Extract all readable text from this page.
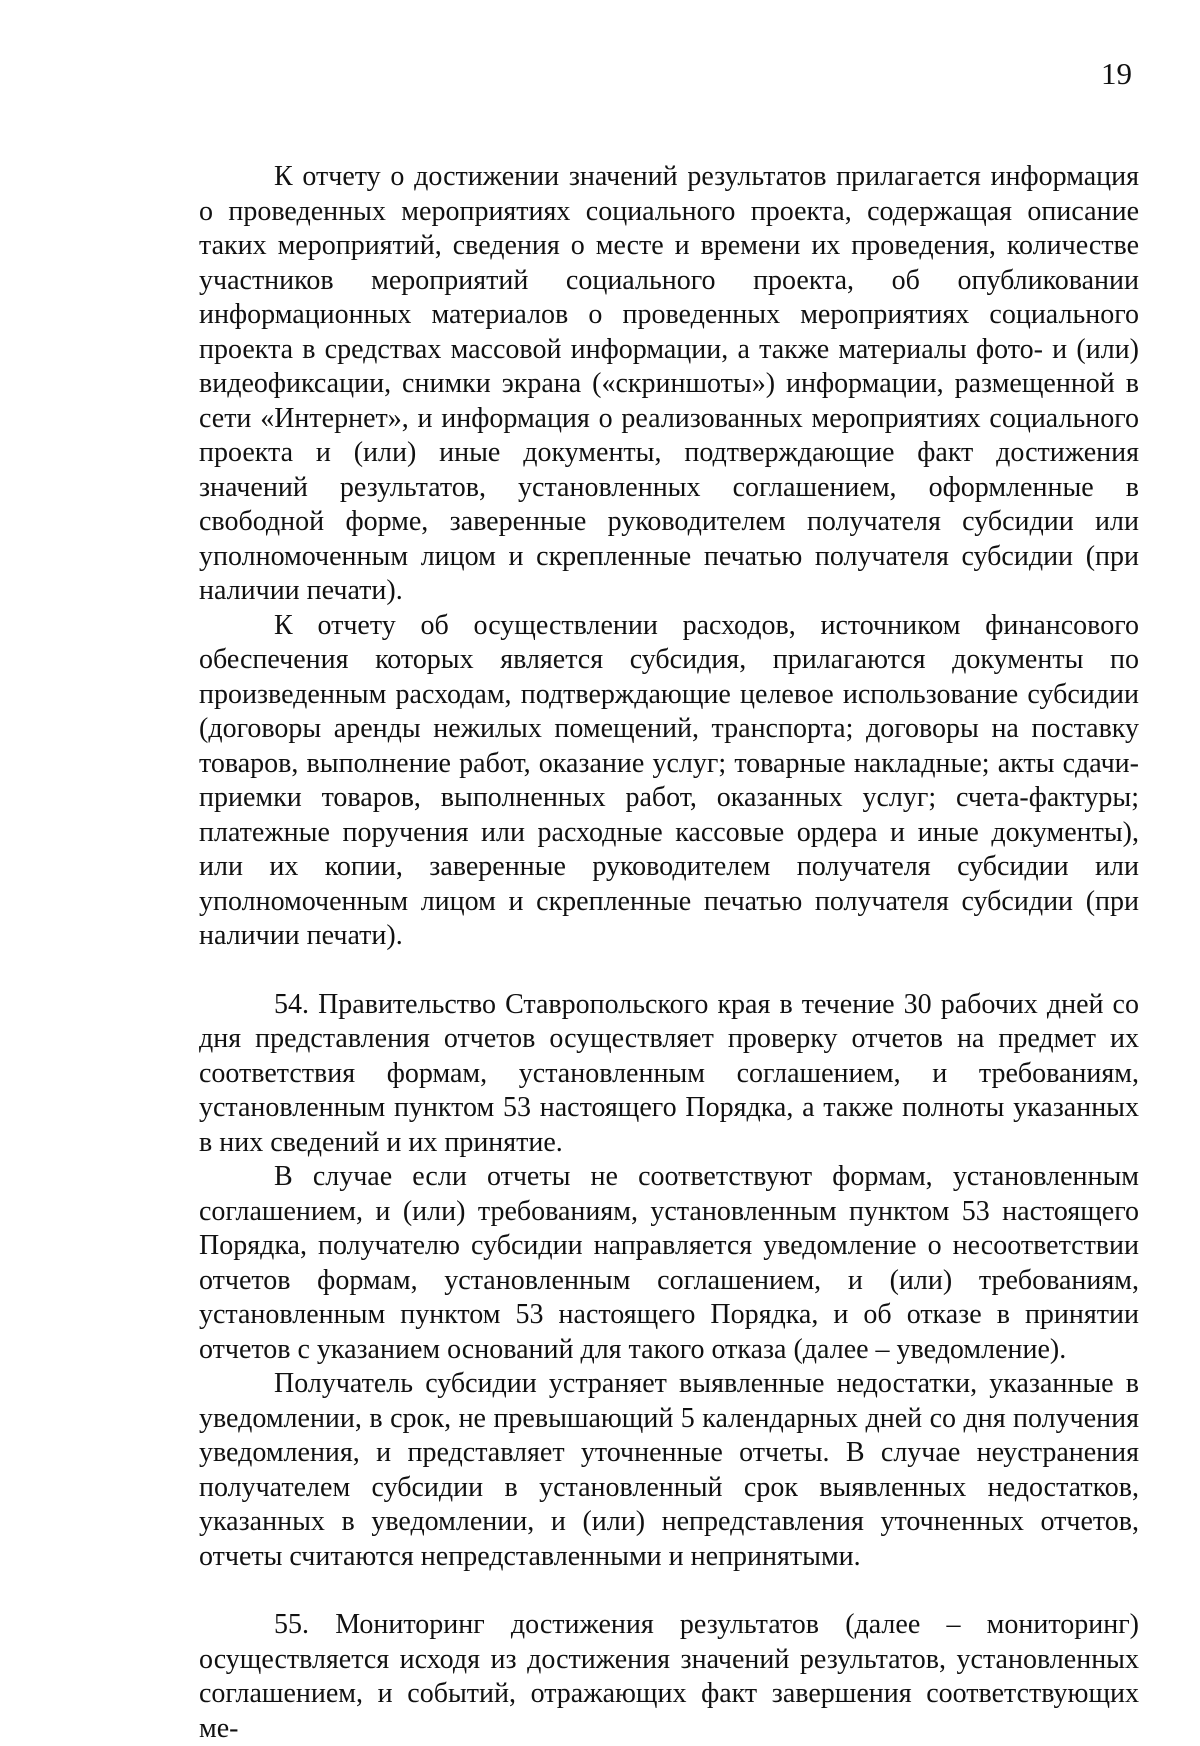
19

К отчету о достижении значений результатов прилагается информация о проведенных мероприятиях социального проекта, содержащая описание таких мероприятий, сведения о месте и времени их проведения, количестве участников мероприятий социального проекта, об опубликовании информационных материалов о проведенных мероприятиях социального проекта в средствах массовой информации, а также материалы фото- и (или) видеофиксации, снимки экрана («скриншоты») информации, размещенной в сети «Интернет», и информация о реализованных мероприятиях социального проекта и (или) иные документы, подтверждающие факт достижения значений результатов, установленных соглашением, оформленные в свободной форме, заверенные руководителем получателя субсидии или уполномоченным лицом и скрепленные печатью получателя субсидии (при наличии печати).

К отчету об осуществлении расходов, источником финансового обеспечения которых является субсидия, прилагаются документы по произведенным расходам, подтверждающие целевое использование субсидии (договоры аренды нежилых помещений, транспорта; договоры на поставку товаров, выполнение работ, оказание услуг; товарные накладные; акты сдачи-приемки товаров, выполненных работ, оказанных услуг; счета-фактуры; платежные поручения или расходные кассовые ордера и иные документы), или их копии, заверенные руководителем получателя субсидии или уполномоченным лицом и скрепленные печатью получателя субсидии (при наличии печати).

54. Правительство Ставропольского края в течение 30 рабочих дней со дня представления отчетов осуществляет проверку отчетов на предмет их соответствия формам, установленным соглашением, и требованиям, установленным пунктом 53 настоящего Порядка, а также полноты указанных в них сведений и их принятие.

В случае если отчеты не соответствуют формам, установленным соглашением, и (или) требованиям, установленным пунктом 53 настоящего Порядка, получателю субсидии направляется уведомление о несоответствии отчетов формам, установленным соглашением, и (или) требованиям, установленным пунктом 53 настоящего Порядка, и об отказе в принятии отчетов с указанием оснований для такого отказа (далее – уведомление).

Получатель субсидии устраняет выявленные недостатки, указанные в уведомлении, в срок, не превышающий 5 календарных дней со дня получения уведомления, и представляет уточненные отчеты. В случае неустранения получателем субсидии в установленный срок выявленных недостатков, указанных в уведомлении, и (или) непредставления уточненных отчетов, отчеты считаются непредставленными и непринятыми.

55. Мониторинг достижения результатов (далее – мониторинг) осуществляется исходя из достижения значений результатов, установленных соглашением, и событий, отражающих факт завершения соответствующих ме-
